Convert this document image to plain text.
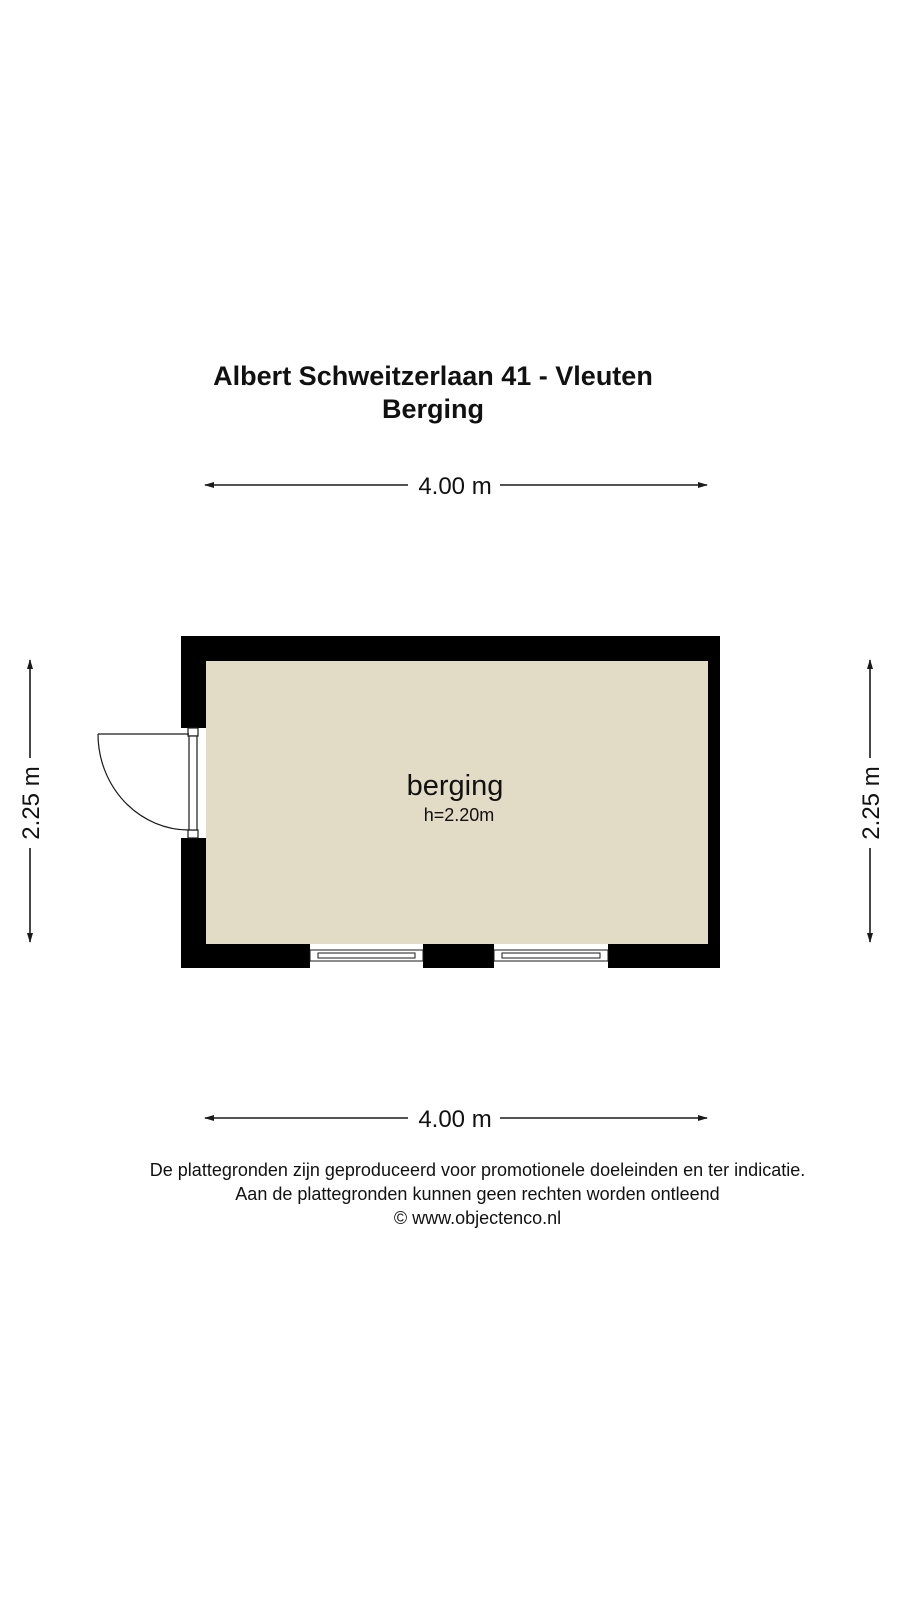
Albert Schweitzerlaan 41 - Vleuten
Berging
4.00 m
4.00 m
2.25 m	2.25 m
berging
h=2.20m
De plattegronden zijn geproduceerd voor promotionele doeleinden en ter indicatie.
Aan de plattegronden kunnen geen rechten worden ontleend
© www.objectenco.nl
